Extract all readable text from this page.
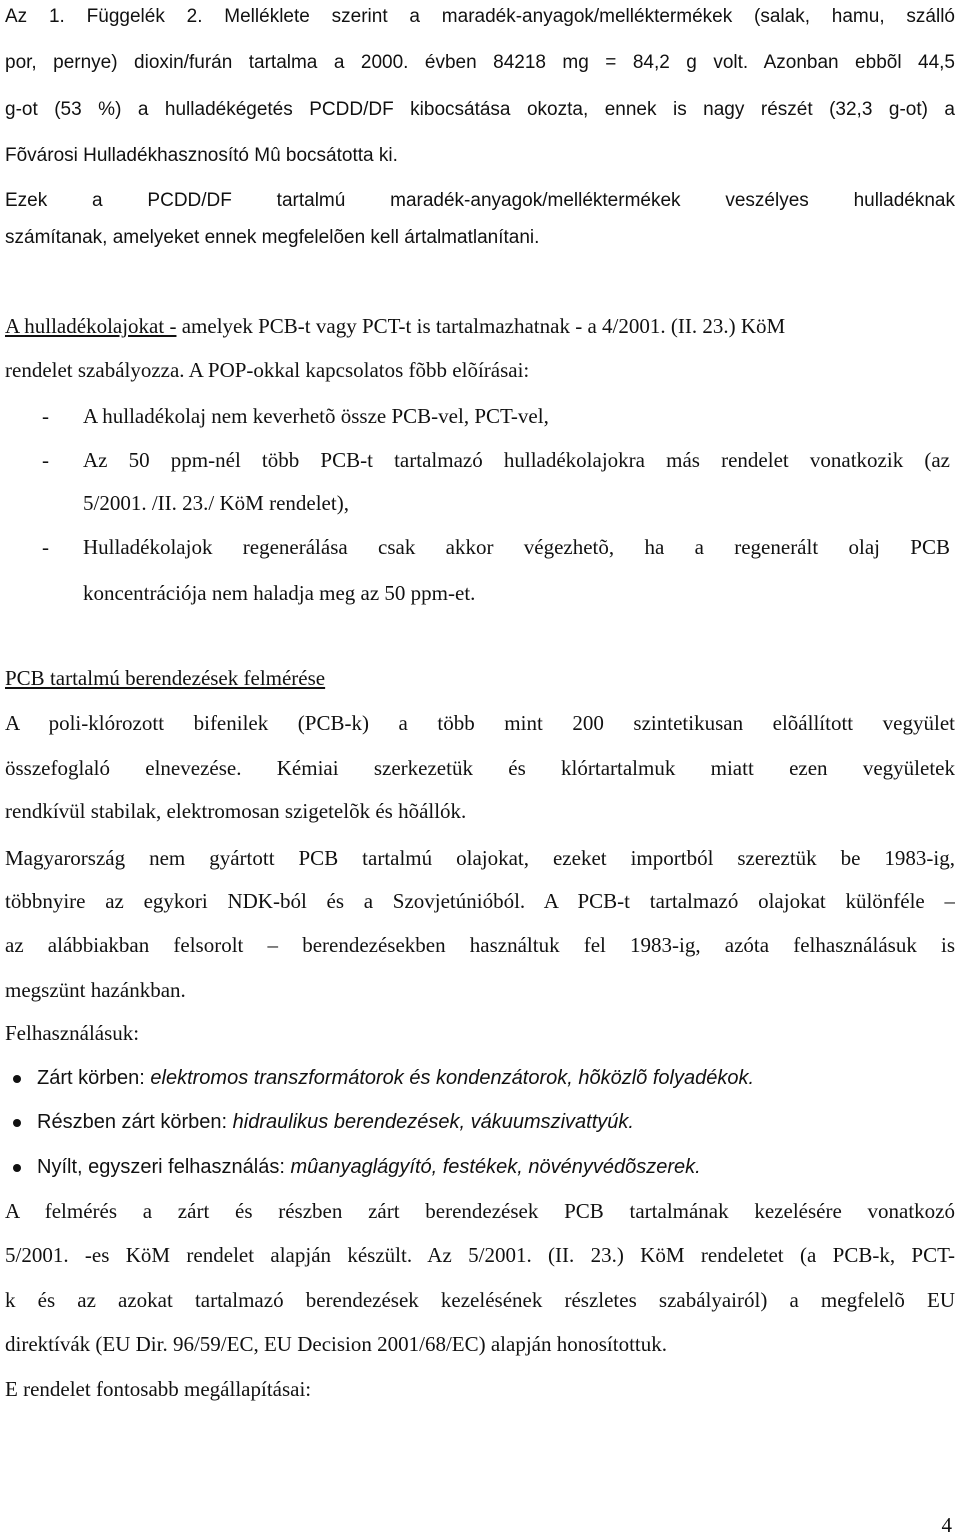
Az 1. Függelék 2. Melléklete szerint a maradék-anyagok/melléktermékek (salak, hamu, szálló
por, pernye) dioxin/furán tartalma a 2000. évben 84218 mg = 84,2 g volt. Azonban ebbõl 44,5
g-ot (53 %) a hulladékégetés PCDD/DF kibocsátása okozta, ennek is nagy részét (32,3 g-ot) a
Fõvárosi Hulladékhasznosító Mû bocsátotta ki.
Ezek a PCDD/DF tartalmú maradék-anyagok/melléktermékek veszélyes hulladéknak
számítanak, amelyeket ennek megfelelõen kell ártalmatlanítani.
A hulladékolajokat - amelyek PCB-t vagy PCT-t is tartalmazhatnak - a 4/2001. (II. 23.) KöM
rendelet szabályozza. A POP-okkal kapcsolatos fõbb elõírásai:
- A hulladékolaj nem keverhetõ össze PCB-vel, PCT-vel,
- Az 50 ppm-nél több PCB-t tartalmazó hulladékolajokra más rendelet vonatkozik (az
5/2001. /II. 23./ KöM rendelet),
- Hulladékolajok regenerálása csak akkor végezhetõ, ha a regenerált olaj PCB
koncentrációja nem haladja meg az 50 ppm-et.
PCB tartalmú berendezések felmérése
A poli-klórozott bifenilek (PCB-k) a több mint 200 szintetikusan elõállított vegyület
összefoglaló elnevezése. Kémiai szerkezetük és klórtartalmuk miatt ezen vegyületek
rendkívül stabilak, elektromosan szigetelõk és hõállók.
Magyarország nem gyártott PCB tartalmú olajokat, ezeket importból szereztük be 1983-ig,
többnyire az egykori NDK-ból és a Szovjetúnióból. A PCB-t tartalmazó olajokat különféle –
az alábbiakban felsorolt – berendezésekben használtuk fel 1983-ig, azóta felhasználásuk is
megszünt hazánkban.
Felhasználásuk:
Zárt körben: elektromos transzformátorok és kondenzátorok, hõközlõ folyadékok.
Részben zárt körben: hidraulikus berendezések, vákuumszivattyúk.
Nyílt, egyszeri felhasználás: mûanyaglágyító, festékek, növényvédõszerek.
A felmérés a zárt és részben zárt berendezések PCB tartalmának kezelésére vonatkozó
5/2001. -es KöM rendelet alapján készült. Az 5/2001. (II. 23.) KöM rendeletet (a PCB-k, PCT-
k és az azokat tartalmazó berendezések kezelésének részletes szabályairól) a megfelelõ EU
direktívák (EU Dir. 96/59/EC, EU Decision 2001/68/EC) alapján honosítottuk.
E rendelet fontosabb megállapításai:
4
